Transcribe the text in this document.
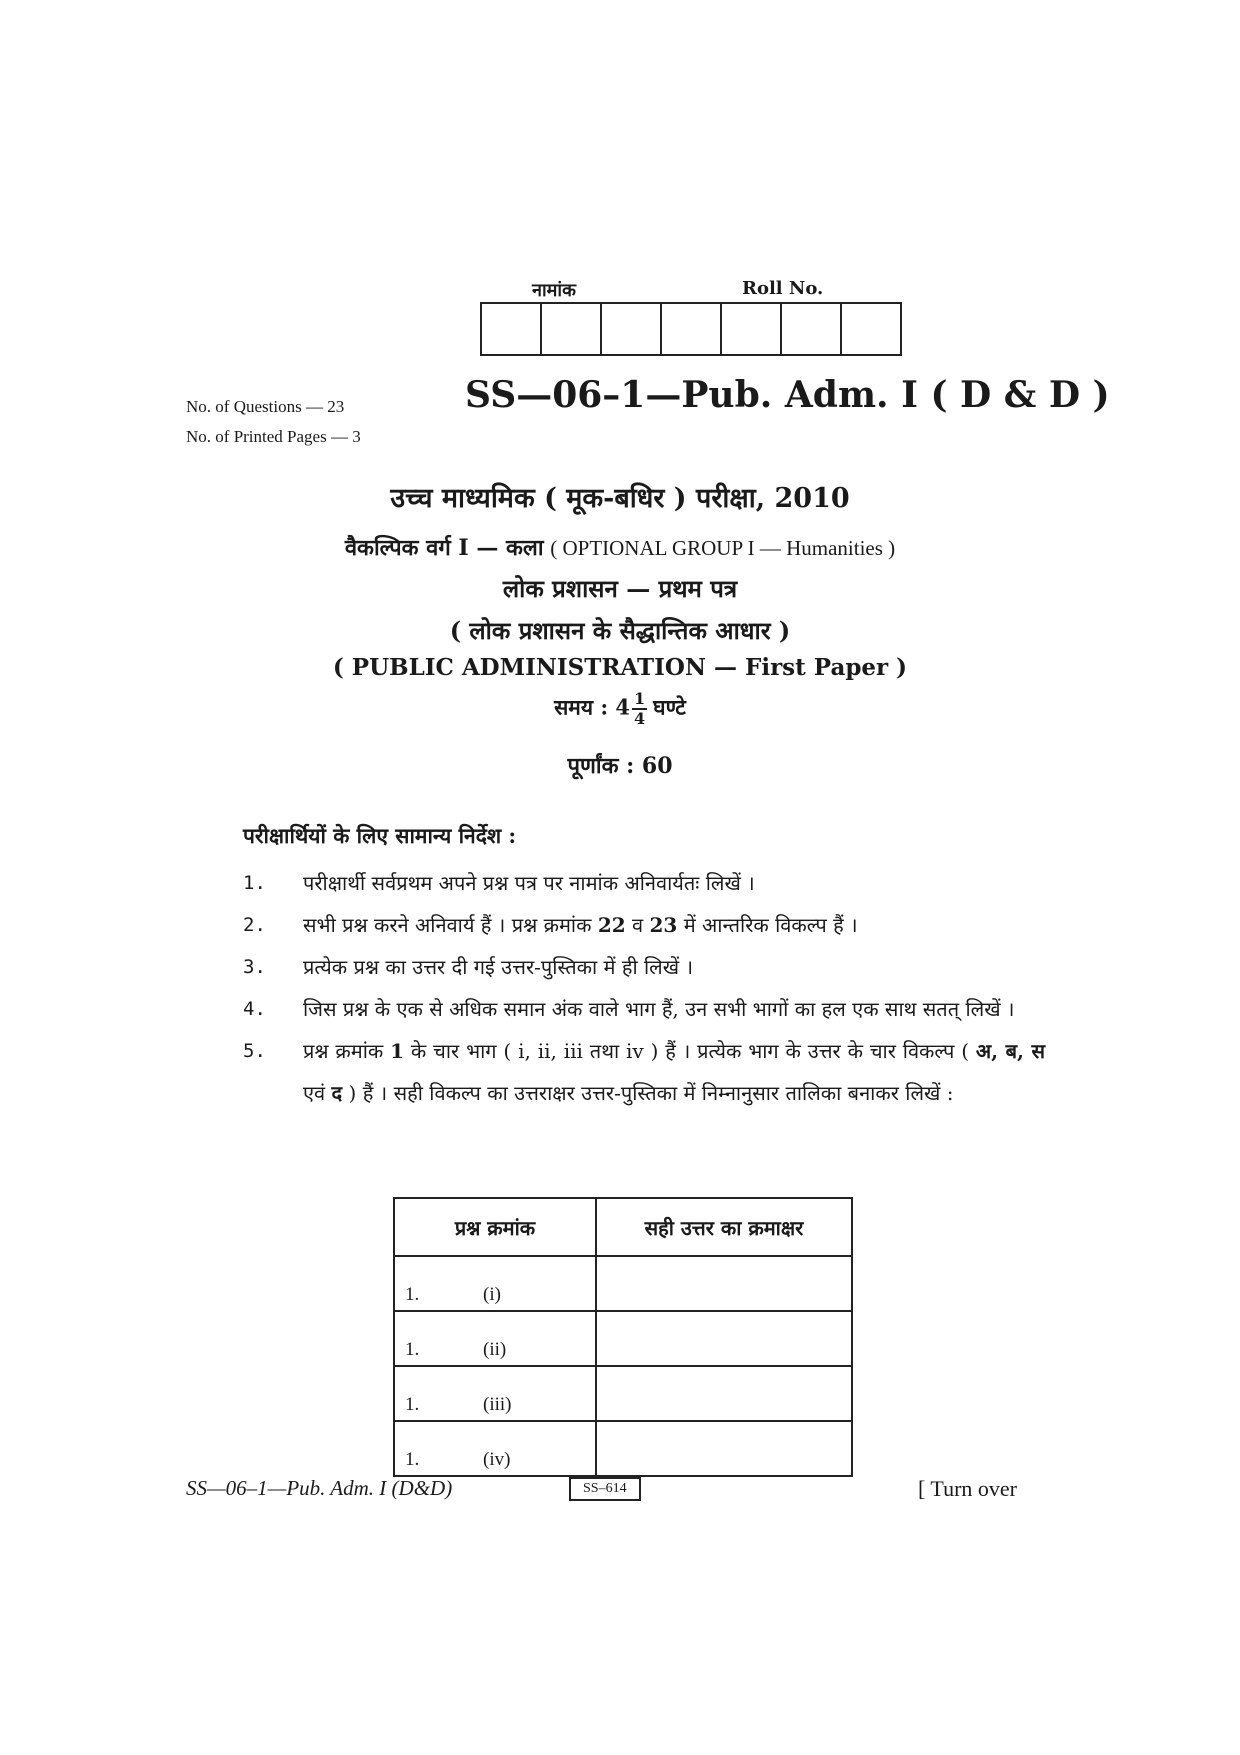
नामांक	Roll No.
No. of Questions — 23
No. of Printed Pages — 3
SS—06–1—Pub. Adm. I ( D & D )
उच्च माध्यमिक ( मूक-बधिर ) परीक्षा, 2010
वैकल्पिक वर्ग I — कला ( OPTIONAL GROUP I — Humanities )
लोक प्रशासन — प्रथम पत्र
( लोक प्रशासन के सैद्धान्तिक आधार )
( PUBLIC ADMINISTRATION — First Paper )
समय : $4 \frac{1}{4}$ घण्टे
पूर्णांक : 60
परीक्षार्थियों के लिए सामान्य निर्देश :
1.	परीक्षार्थी सर्वप्रथम अपने प्रश्न पत्र पर नामांक अनिवार्यतः लिखें ।
2.	सभी प्रश्न करने अनिवार्य हैं । प्रश्न क्रमांक 22 व 23 में आन्तरिक विकल्प हैं ।
3.	प्रत्येक प्रश्न का उत्तर दी गई उत्तर-पुस्तिका में ही लिखें ।
4.	जिस प्रश्न के एक से अधिक समान अंक वाले भाग हैं, उन सभी भागों का हल एक साथ सतत् लिखें ।
5.	प्रश्न क्रमांक 1 के चार भाग ( i, ii, iii तथा iv ) हैं । प्रत्येक भाग के उत्तर के चार विकल्प ( अ, ब, स एवं द ) हैं । सही विकल्प का उत्तराक्षर उत्तर-पुस्तिका में निम्नानुसार तालिका बनाकर लिखें :
प्रश्न क्रमांक	सही उत्तर का क्रमाक्षर
1. (i)	
1. (ii)	
1. (iii)	
1. (iv)	
SS—06–1—Pub. Adm. I (D&D)	SS–614	[ Turn over
